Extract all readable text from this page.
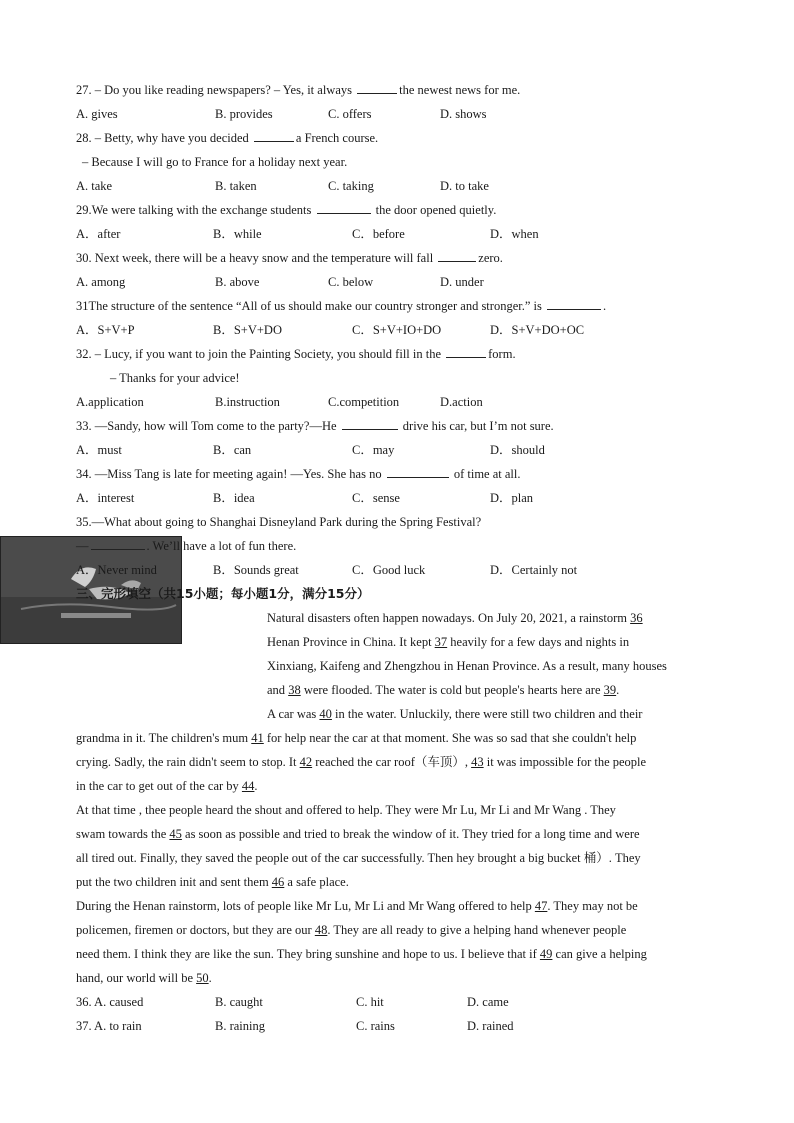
27. – Do you like reading newspapers? – Yes, it always	the newest news for me.
A. gives	B. provides	C. offers	D. shows
28. – Betty, why have you decided	a French course.
– Because I will go to France for a holiday next year.
A. take	B. taken	C. taking	D. to take
29.We were talking with the exchange students	the door opened quietly.
A．after	B．while	C．before	D．when
30. Next week, there will be a heavy snow and the temperature will fall	zero.
A. among	B. above	C. below	D. under
31The structure of the sentence “All of us should make our country stronger and stronger.” is	.
A．S+V+P	B．S+V+DO	C．S+V+IO+DO	D．S+V+DO+OC
32. – Lucy, if you want to join the Painting Society, you should fill in the	form.
– Thanks for your advice!
A.application	B.instruction	C.competition	D.action
33. —Sandy, how will Tom come to the party?—He	drive his car, but I’m not sure.
A．must	B．can	C．may	D．should
34. —Miss Tang is late for meeting again! —Yes. She has no	of time at all.
A．interest	B．idea	C．sense	D．plan
35.—What about going to Shanghai Disneyland Park during the Spring Festival?
—	. We’ll have a lot of fun there.
A．Never mind	B．Sounds great	C．Good luck	D．Certainly not
三、完形填空（共15小题；每小题1分，满分15分）
Natural disasters often happen nowadays. On July 20, 2021, a rainstorm 36
Henan Province in China. It kept 37 heavily for a few days and nights in
Xinxiang, Kaifeng and Zhengzhou in Henan Province. As a result, many houses
and 38 were flooded. The water is cold but people's hearts here are 39.
A car was 40 in the water. Unluckily, there were still two children and their
grandma in it. The children's mum 41 for help near the car at that moment. She was so sad that she couldn't help
crying. Sadly, the rain didn't seem to stop. It 42 reached the car roof（车顶）, 43 it was impossible for the people
in the car to get out of the car by 44.
At that time , thee people heard the shout and offered to help. They were Mr Lu, Mr Li and Mr Wang . They
swam towards the 45 as soon as possible and tried to break the window of it. They tried for a long time and were
all tired out. Finally, they saved the people out of the car successfully. Then hey brought a big bucket 桶）. They
put the two children init and sent them 46 a safe place.
During the Henan rainstorm, lots of people like Mr Lu, Mr Li and Mr Wang offered to help 47. They may not be
policemen, firemen or doctors, but they are our 48. They are all ready to give a helping hand whenever people
need them. I think they are like the sun. They bring sunshine and hope to us. I believe that if 49 can give a helping
hand, our world will be 50.
36. A. caused	B. caught	C. hit	D. came
37. A. to rain	B. raining	C. rains	D. rained
